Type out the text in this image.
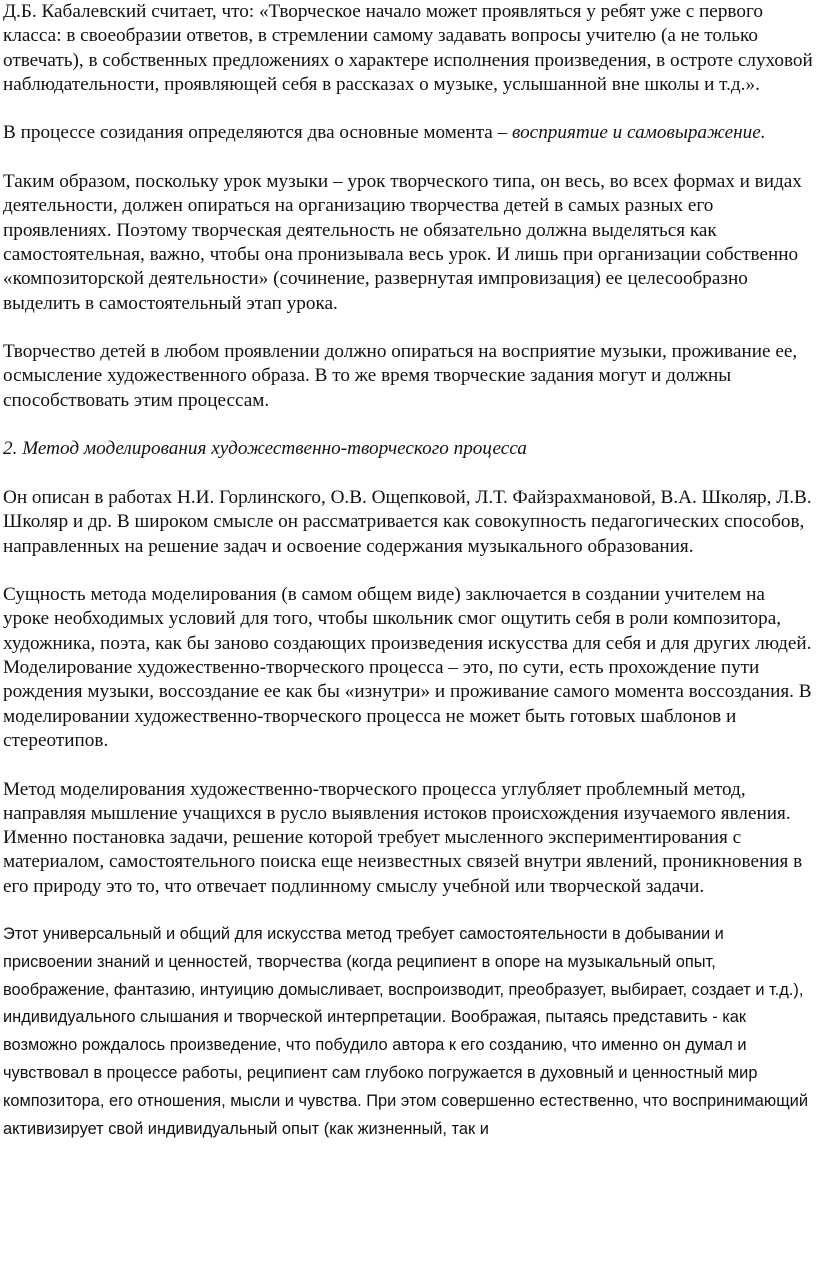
Д.Б. Кабалевский считает, что: «Творческое начало может проявляться у ребят уже с первого класса: в своеобразии ответов, в стремлении самому задавать вопросы учителю (а не только отвечать), в собственных предложениях о характере исполнения произведения, в остроте слуховой наблюдательности, проявляющей себя в рассказах о музыке, услышанной вне школы и т.д.».

В процессе созидания определяются два основные момента – восприятие и самовыражение.

Таким образом, поскольку урок музыки – урок творческого типа, он весь, во всех формах и видах деятельности, должен опираться на организацию творчества детей в самых разных его проявлениях. Поэтому творческая деятельность не обязательно должна выделяться как самостоятельная, важно, чтобы она пронизывала весь урок. И лишь при организации собственно «композиторской деятельности» (сочинение, развернутая импровизация) ее целесообразно выделить в самостоятельный этап урока.

Творчество детей в любом проявлении должно опираться на восприятие музыки, проживание ее, осмысление художественного образа. В то же время творческие задания могут и должны способствовать этим процессам.

2. Метод моделирования художественно-творческого процесса

Он описан в работах Н.И. Горлинского, О.В. Ощепковой, Л.Т. Файзрахмановой, В.А. Школяр, Л.В. Школяр и др. В широком смысле он рассматривается как совокупность педагогических способов, направленных на решение задач и освоение содержания музыкального образования.

Сущность метода моделирования (в самом общем виде) заключается в создании учителем на уроке необходимых условий для того, чтобы школьник смог ощутить себя в роли композитора, художника, поэта, как бы заново создающих произведения искусства для себя и для других людей. Моделирование художественно-творческого процесса – это, по сути, есть прохождение пути рождения музыки, воссоздание ее как бы «изнутри» и проживание самого момента воссоздания. В моделировании художественно-творческого процесса не может быть готовых шаблонов и стереотипов.

Метод моделирования художественно-творческого процесса углубляет проблемный метод, направляя мышление учащихся в русло выявления истоков происхождения изучаемого явления. Именно постановка задачи, решение которой требует мысленного экспериментирования с материалом, самостоятельного поиска еще неизвестных связей внутри явлений, проникновения в его природу это то, что отвечает подлинному смыслу учебной или творческой задачи.

Этот универсальный и общий для искусства метод требует самостоятельности в добывании и присвоении знаний и ценностей, творчества (когда реципиент в опоре на музыкальный опыт, воображение, фантазию, интуицию домысливает, воспроизводит, преобразует, выбирает, создает и т.д.), индивидуального слышания и творческой интерпретации. Воображая, пытаясь представить - как возможно рождалось произведение, что побудило автора к его созданию, что именно он думал и чувствовал в процессе работы, реципиент сам глубоко погружается в духовный и ценностный мир композитора, его отношения, мысли и чувства. При этом совершенно естественно, что воспринимающий активизирует свой индивидуальный опыт (как жизненный, так и
